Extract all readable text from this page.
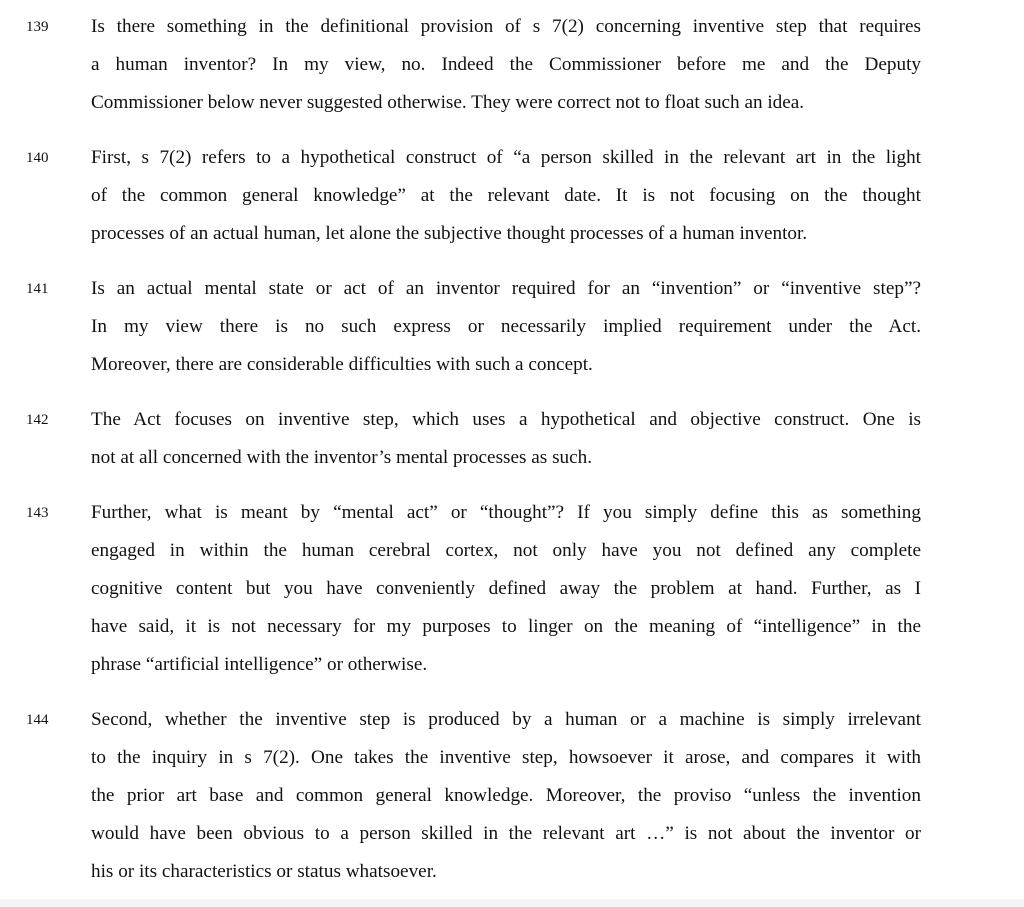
139 Is there something in the definitional provision of s 7(2) concerning inventive step that requires
a human inventor? In my view, no. Indeed the Commissioner before me and the Deputy
Commissioner below never suggested otherwise. They were correct not to float such an idea.
140 First, s 7(2) refers to a hypothetical construct of “a person skilled in the relevant art in the light
of the common general knowledge” at the relevant date. It is not focusing on the thought
processes of an actual human, let alone the subjective thought processes of a human inventor.
141 Is an actual mental state or act of an inventor required for an “invention” or “inventive step”?
In my view there is no such express or necessarily implied requirement under the Act.
Moreover, there are considerable difficulties with such a concept.
142 The Act focuses on inventive step, which uses a hypothetical and objective construct. One is
not at all concerned with the inventor’s mental processes as such.
143 Further, what is meant by “mental act” or “thought”? If you simply define this as something
engaged in within the human cerebral cortex, not only have you not defined any complete
cognitive content but you have conveniently defined away the problem at hand. Further, as I
have said, it is not necessary for my purposes to linger on the meaning of “intelligence” in the
phrase “artificial intelligence” or otherwise.
144 Second, whether the inventive step is produced by a human or a machine is simply irrelevant
to the inquiry in s 7(2). One takes the inventive step, howsoever it arose, and compares it with
the prior art base and common general knowledge. Moreover, the proviso “unless the invention
would have been obvious to a person skilled in the relevant art …” is not about the inventor or
his or its characteristics or status whatsoever.
